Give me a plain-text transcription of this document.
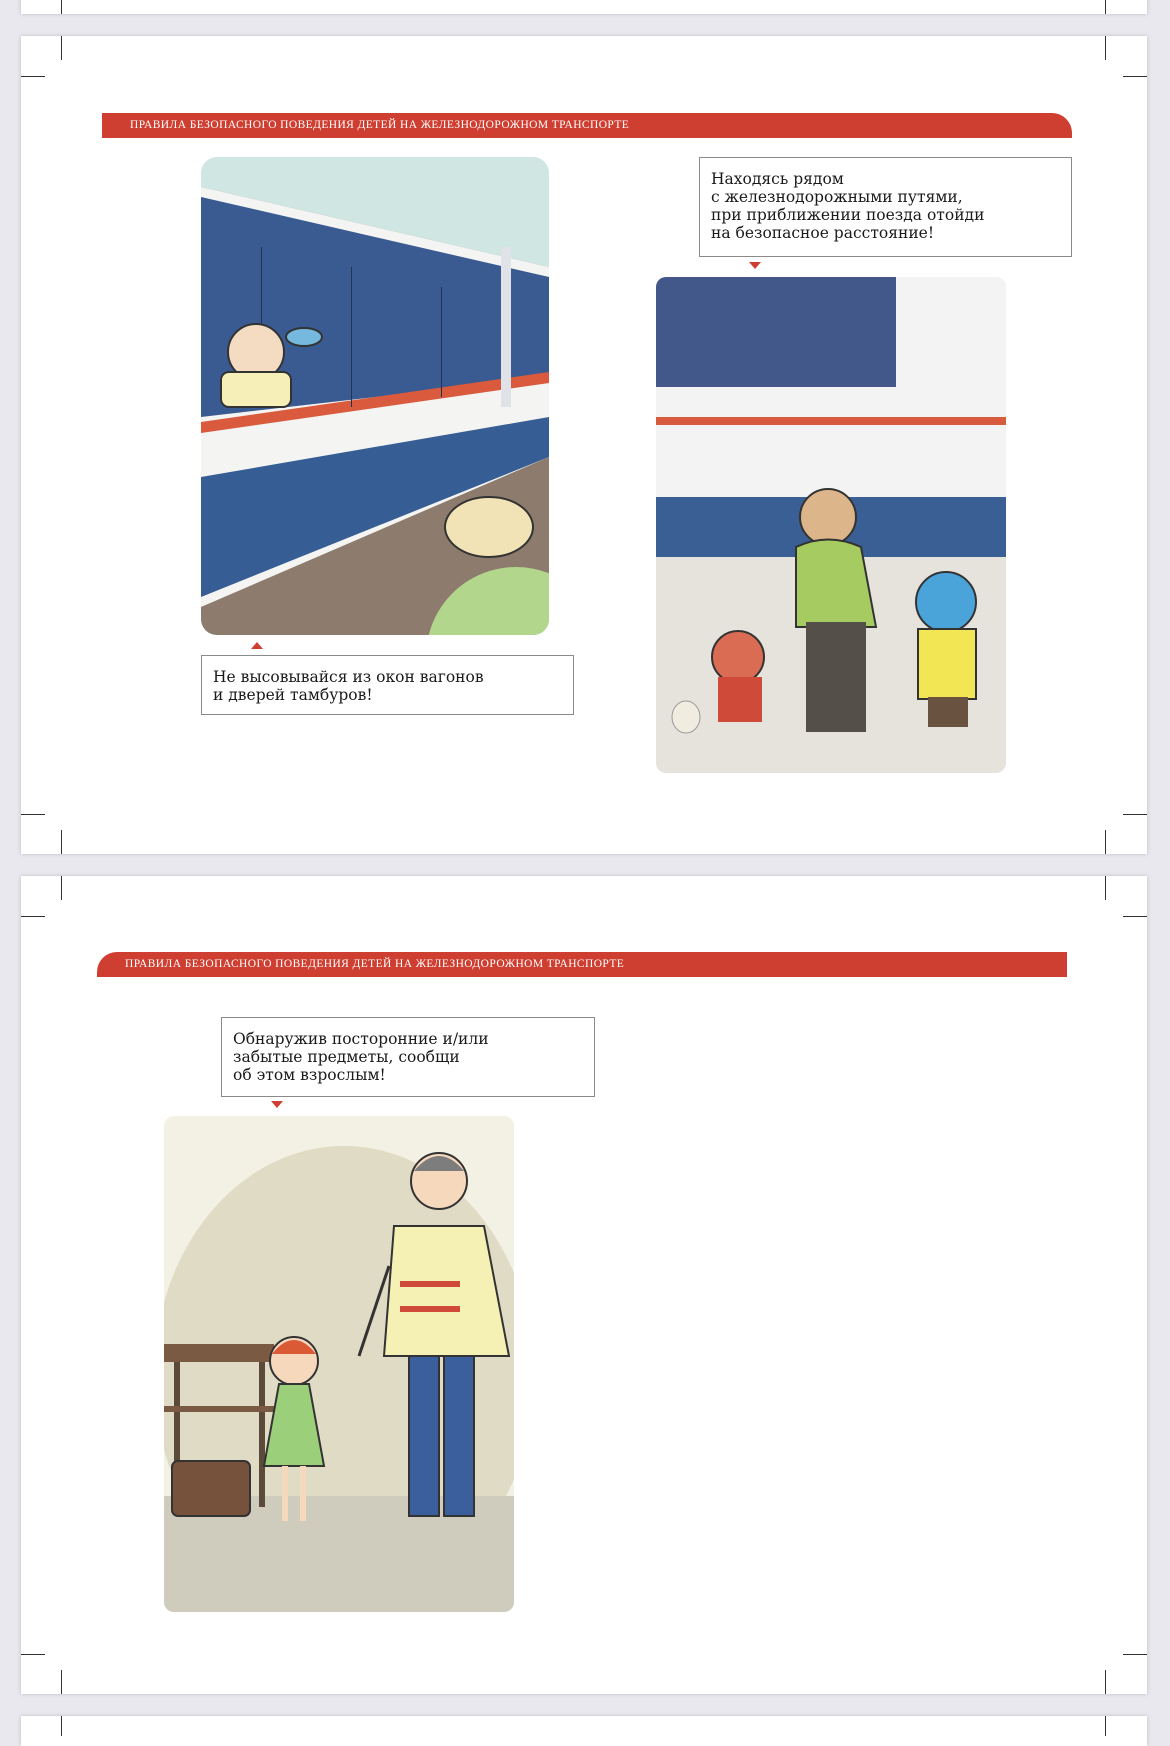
ПРАВИЛА БЕЗОПАСНОГО ПОВЕДЕНИЯ ДЕТЕЙ НА ЖЕЛЕЗНОДОРОЖНОМ ТРАНСПОРТЕ
Не высовывайся из окон вагонов
и дверей тамбуров!
Находясь рядом
с железнодорожными путями,
при приближении поезда отойди
на безопасное расстояние!
ПРАВИЛА БЕЗОПАСНОГО ПОВЕДЕНИЯ ДЕТЕЙ НА ЖЕЛЕЗНОДОРОЖНОМ ТРАНСПОРТЕ
Обнаружив посторонние и/или
забытые предметы, сообщи
об этом взрослым!
